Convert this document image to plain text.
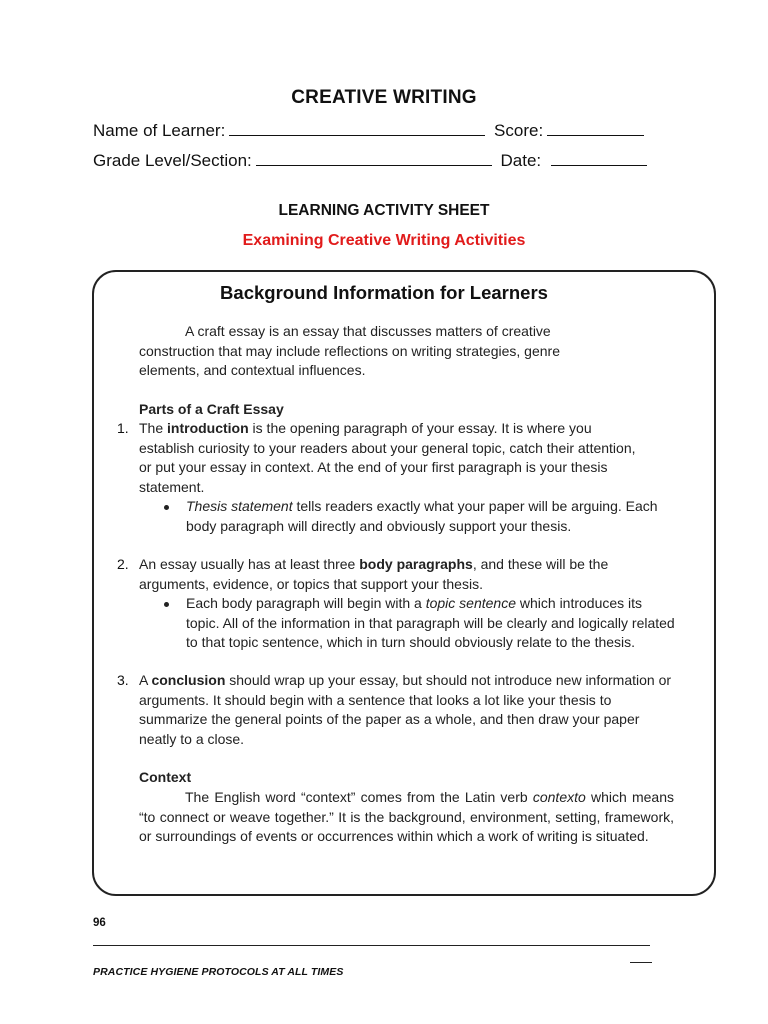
CREATIVE WRITING
Name of Learner:	Score:
Grade Level/Section:	Date:
LEARNING ACTIVITY SHEET
Examining Creative Writing Activities
Background Information for Learners
A craft essay is an essay that discusses matters of creative construction that may include reflections on writing strategies, genre elements, and contextual influences.
Parts of a Craft Essay
1. The introduction is the opening paragraph of your essay. It is where you establish curiosity to your readers about your general topic, catch their attention, or put your essay in context. At the end of your first paragraph is your thesis statement.
Thesis statement tells readers exactly what your paper will be arguing. Each body paragraph will directly and obviously support your thesis.
2. An essay usually has at least three body paragraphs, and these will be the arguments, evidence, or topics that support your thesis.
Each body paragraph will begin with a topic sentence which introduces its topic. All of the information in that paragraph will be clearly and logically related to that topic sentence, which in turn should obviously relate to the thesis.
3. A conclusion should wrap up your essay, but should not introduce new information or arguments. It should begin with a sentence that looks a lot like your thesis to summarize the general points of the paper as a whole, and then draw your paper neatly to a close.
Context
The English word “context” comes from the Latin verb contexto which means “to connect or weave together.” It is the background, environment, setting, framework, or surroundings of events or occurrences within which a work of writing is situated.
96
PRACTICE HYGIENE PROTOCOLS AT ALL TIMES
